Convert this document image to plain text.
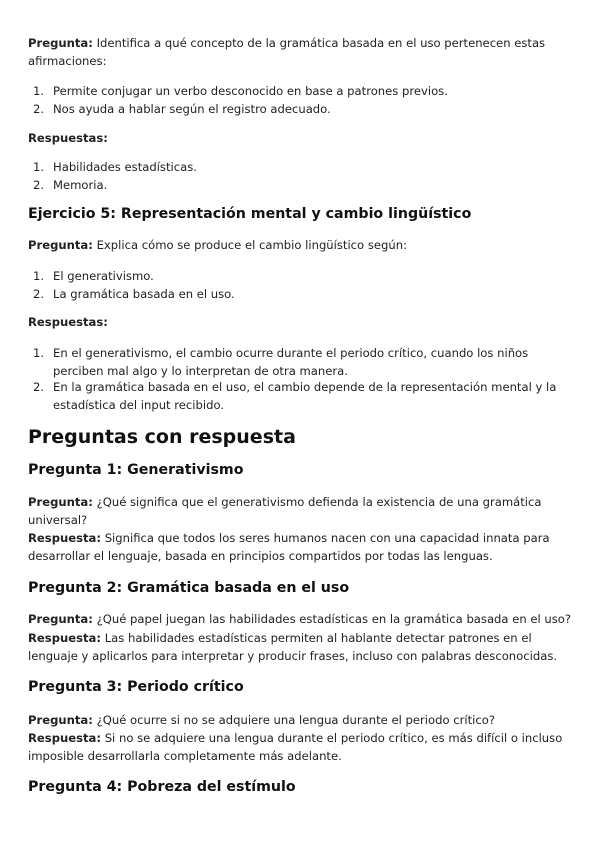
Pregunta: Identifica a qué concepto de la gramática basada en el uso pertenecen estas afirmaciones:

1. Permite conjugar un verbo desconocido en base a patrones previos.

2. Nos ayuda a hablar según el registro adecuado.

Respuestas:

1. Habilidades estadísticas.

2. Memoria.

Ejercicio 5: Representación mental y cambio lingüístico

Pregunta: Explica cómo se produce el cambio lingüístico según:

1. El generativismo.

2. La gramática basada en el uso.

Respuestas:

1. En el generativismo, el cambio ocurre durante el periodo crítico, cuando los niños perciben mal algo y lo interpretan de otra manera.

2. En la gramática basada en el uso, el cambio depende de la representación mental y la estadística del input recibido.

Preguntas con respuesta
Pregunta 1: Generativismo

Pregunta: ¿Qué significa que el generativismo defienda la existencia de una gramática universal?

Respuesta: Significa que todos los seres humanos nacen con una capacidad innata para desarrollar el lenguaje, basada en principios compartidos por todas las lenguas.

Pregunta 2: Gramática basada en el uso

Pregunta: ¿Qué papel juegan las habilidades estadísticas en la gramática basada en el uso?

Respuesta: Las habilidades estadísticas permiten al hablante detectar patrones en el lenguaje y aplicarlos para interpretar y producir frases, incluso con palabras desconocidas.

Pregunta 3: Periodo crítico

Pregunta: ¿Qué ocurre si no se adquiere una lengua durante el periodo crítico?

Respuesta: Si no se adquiere una lengua durante el periodo crítico, es más difícil o incluso imposible desarrollarla completamente más adelante.

Pregunta 4: Pobreza del estímulo
